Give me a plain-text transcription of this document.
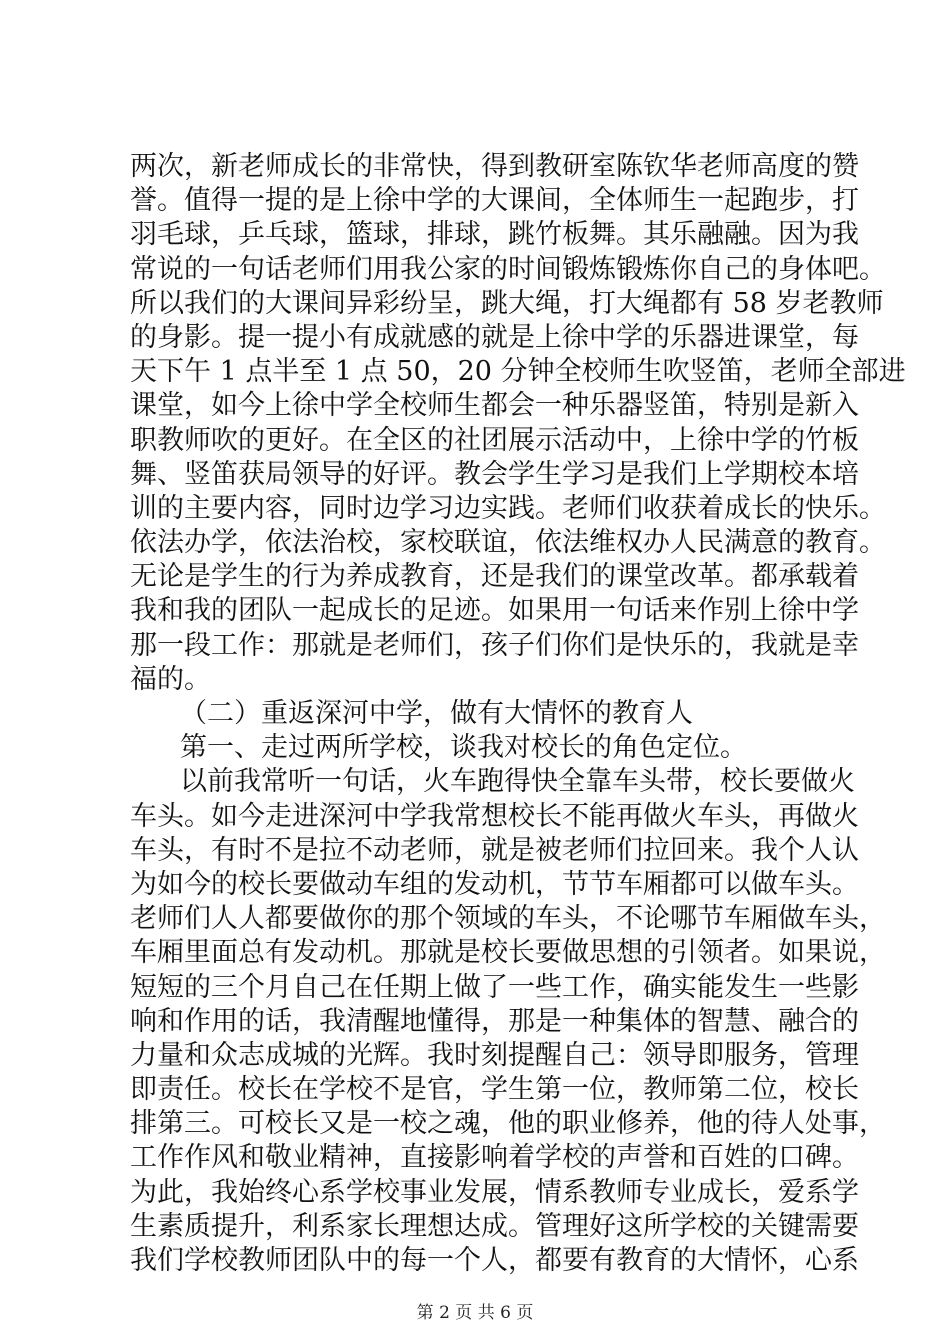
两次，新老师成长的非常快，得到教研室陈钦华老师高度的赞
誉。值得一提的是上徐中学的大课间，全体师生一起跑步，打
羽毛球，乒乓球，篮球，排球，跳竹板舞。其乐融融。因为我
常说的一句话老师们用我公家的时间锻炼锻炼你自己的身体吧。
所以我们的大课间异彩纷呈，跳大绳，打大绳都有 58 岁老教师
的身影。提一提小有成就感的就是上徐中学的乐器进课堂，每
天下午 1 点半至 1 点 50，20 分钟全校师生吹竖笛，老师全部进
课堂，如今上徐中学全校师生都会一种乐器竖笛，特别是新入
职教师吹的更好。在全区的社团展示活动中，上徐中学的竹板
舞、竖笛获局领导的好评。教会学生学习是我们上学期校本培
训的主要内容，同时边学习边实践。老师们收获着成长的快乐。
依法办学，依法治校，家校联谊，依法维权办人民满意的教育。
无论是学生的行为养成教育，还是我们的课堂改革。都承载着
我和我的团队一起成长的足迹。如果用一句话来作别上徐中学
那一段工作：那就是老师们，孩子们你们是快乐的，我就是幸
福的。
（二）重返深河中学，做有大情怀的教育人
第一、走过两所学校，谈我对校长的角色定位。
以前我常听一句话，火车跑得快全靠车头带，校长要做火
车头。如今走进深河中学我常想校长不能再做火车头，再做火
车头，有时不是拉不动老师，就是被老师们拉回来。我个人认
为如今的校长要做动车组的发动机，节节车厢都可以做车头。
老师们人人都要做你的那个领域的车头，不论哪节车厢做车头，
车厢里面总有发动机。那就是校长要做思想的引领者。如果说，
短短的三个月自己在任期上做了一些工作，确实能发生一些影
响和作用的话，我清醒地懂得，那是一种集体的智慧、融合的
力量和众志成城的光辉。我时刻提醒自己：领导即服务，管理
即责任。校长在学校不是官，学生第一位，教师第二位，校长
排第三。可校长又是一校之魂，他的职业修养，他的待人处事，
工作作风和敬业精神，直接影响着学校的声誉和百姓的口碑。
为此，我始终心系学校事业发展，情系教师专业成长，爱系学
生素质提升，利系家长理想达成。管理好这所学校的关键需要
我们学校教师团队中的每一个人，都要有教育的大情怀，心系
第 2 页 共 6 页
